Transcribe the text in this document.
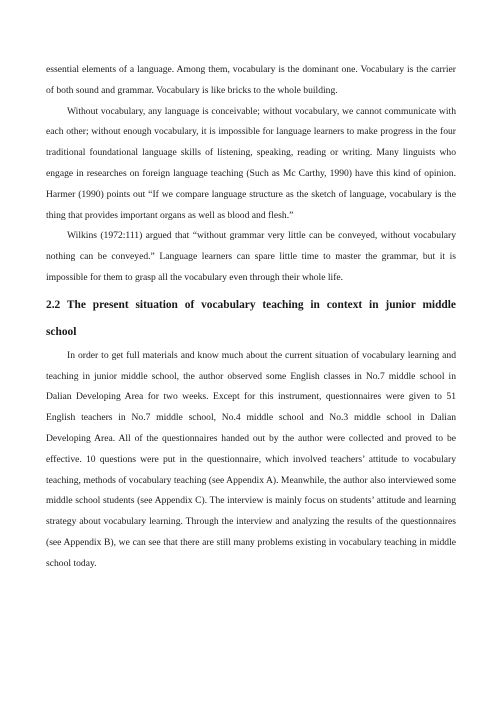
essential elements of a language. Among them, vocabulary is the dominant one. Vocabulary is the carrier of both sound and grammar. Vocabulary is like bricks to the whole building.

Without vocabulary, any language is conceivable; without vocabulary, we cannot communicate with each other; without enough vocabulary, it is impossible for language learners to make progress in the four traditional foundational language skills of listening, speaking, reading or writing. Many linguists who engage in researches on foreign language teaching (Such as Mc Carthy, 1990) have this kind of opinion. Harmer (1990) points out “If we compare language structure as the sketch of language, vocabulary is the thing that provides important organs as well as blood and flesh.”

Wilkins (1972:111) argued that “without grammar very little can be conveyed, without vocabulary nothing can be conveyed.” Language learners can spare little time to master the grammar, but it is impossible for them to grasp all the vocabulary even through their whole life.

2.2 The present situation of vocabulary teaching in context in junior middle school

In order to get full materials and know much about the current situation of vocabulary learning and teaching in junior middle school, the author observed some English classes in No.7 middle school in Dalian Developing Area for two weeks. Except for this instrument, questionnaires were given to 51 English teachers in No.7 middle school, No.4 middle school and No.3 middle school in Dalian Developing Area. All of the questionnaires handed out by the author were collected and proved to be effective. 10 questions were put in the questionnaire, which involved teachers’ attitude to vocabulary teaching, methods of vocabulary teaching (see Appendix A). Meanwhile, the author also interviewed some middle school students (see Appendix C). The interview is mainly focus on students’ attitude and learning strategy about vocabulary learning. Through the interview and analyzing the results of the questionnaires (see Appendix B), we can see that there are still many problems existing in vocabulary teaching in middle school today.
